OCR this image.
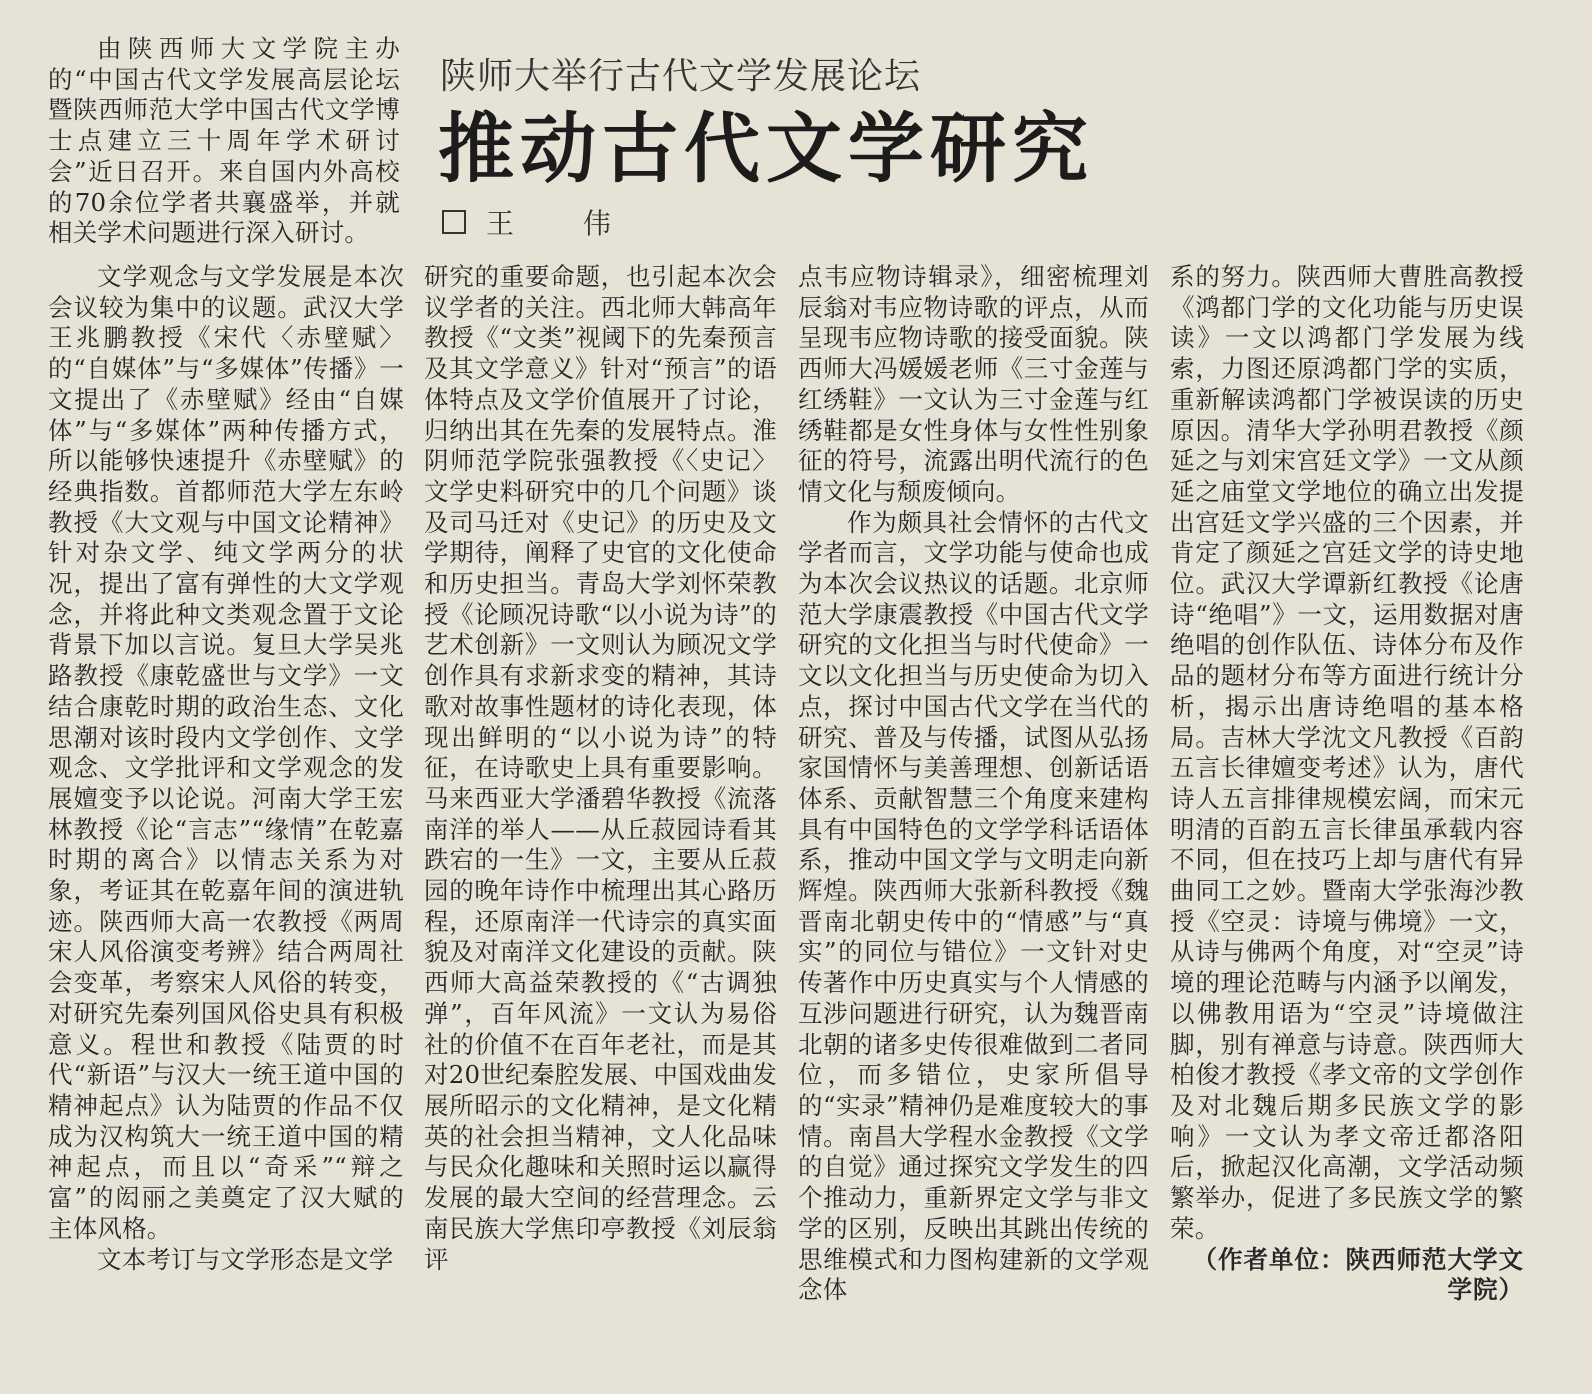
陕师大举行古代文学发展论坛
推动古代文学研究
王 伟

由陕西师大文学院主办的“中国古代文学发展高层论坛暨陕西师范大学中国古代文学博士点建立三十周年学术研讨会”近日召开。来自国内外高校的70余位学者共襄盛举，并就相关学术问题进行深入研讨。

文学观念与文学发展是本次会议较为集中的议题。武汉大学王兆鹏教授《宋代〈赤壁赋〉的“自媒体”与“多媒体”传播》一文提出了《赤壁赋》经由“自媒体”与“多媒体”两种传播方式，所以能够快速提升《赤壁赋》的经典指数。首都师范大学左东岭教授《大文观与中国文论精神》针对杂文学、纯文学两分的状况，提出了富有弹性的大文学观念，并将此种文类观念置于文论背景下加以言说。复旦大学吴兆路教授《康乾盛世与文学》一文结合康乾时期的政治生态、文化思潮对该时段内文学创作、文学观念、文学批评和文学观念的发展嬗变予以论说。河南大学王宏林教授《论“言志”“缘情”在乾嘉时期的离合》以情志关系为对象，考证其在乾嘉年间的演进轨迹。陕西师大高一农教授《两周宋人风俗演变考辨》结合两周社会变革，考察宋人风俗的转变，对研究先秦列国风俗史具有积极意义。程世和教授《陆贾的时代“新语”与汉大一统王道中国的精神起点》认为陆贾的作品不仅成为汉构筑大一统王道中国的精神起点，而且以“奇采”“辩之富”的闳丽之美奠定了汉大赋的主体风格。

文本考订与文学形态是文学

研究的重要命题，也引起本次会议学者的关注。西北师大韩高年教授《“文类”视阈下的先秦预言及其文学意义》针对“预言”的语体特点及文学价值展开了讨论，归纳出其在先秦的发展特点。淮阴师范学院张强教授《〈史记〉文学史料研究中的几个问题》谈及司马迁对《史记》的历史及文学期待，阐释了史官的文化使命和历史担当。青岛大学刘怀荣教授《论顾况诗歌“以小说为诗”的艺术创新》一文则认为顾况文学创作具有求新求变的精神，其诗歌对故事性题材的诗化表现，体现出鲜明的“以小说为诗”的特征，在诗歌史上具有重要影响。马来西亚大学潘碧华教授《流落南洋的举人——从丘菽园诗看其跌宕的一生》一文，主要从丘菽园的晚年诗作中梳理出其心路历程，还原南洋一代诗宗的真实面貌及对南洋文化建设的贡献。陕西师大高益荣教授的《“古调独弹”，百年风流》一文认为易俗社的价值不在百年老社，而是其对20世纪秦腔发展、中国戏曲发展所昭示的文化精神，是文化精英的社会担当精神，文人化品味与民众化趣味和关照时运以赢得发展的最大空间的经营理念。云南民族大学焦印亭教授《刘辰翁评

点韦应物诗辑录》，细密梳理刘辰翁对韦应物诗歌的评点，从而呈现韦应物诗歌的接受面貌。陕西师大冯媛媛老师《三寸金莲与红绣鞋》一文认为三寸金莲与红绣鞋都是女性身体与女性性别象征的符号，流露出明代流行的色情文化与颓废倾向。

作为颇具社会情怀的古代文学者而言，文学功能与使命也成为本次会议热议的话题。北京师范大学康震教授《中国古代文学研究的文化担当与时代使命》一文以文化担当与历史使命为切入点，探讨中国古代文学在当代的研究、普及与传播，试图从弘扬家国情怀与美善理想、创新话语体系、贡献智慧三个角度来建构具有中国特色的文学学科话语体系，推动中国文学与文明走向新辉煌。陕西师大张新科教授《魏晋南北朝史传中的“情感”与“真实”的同位与错位》一文针对史传著作中历史真实与个人情感的互涉问题进行研究，认为魏晋南北朝的诸多史传很难做到二者同位，而多错位，史家所倡导的“实录”精神仍是难度较大的事情。南昌大学程水金教授《文学的自觉》通过探究文学发生的四个推动力，重新界定文学与非文学的区别，反映出其跳出传统的思维模式和力图构建新的文学观念体

系的努力。陕西师大曹胜高教授《鸿都门学的文化功能与历史误读》一文以鸿都门学发展为线索，力图还原鸿都门学的实质，重新解读鸿都门学被误读的历史原因。清华大学孙明君教授《颜延之与刘宋宫廷文学》一文从颜延之庙堂文学地位的确立出发提出宫廷文学兴盛的三个因素，并肯定了颜延之宫廷文学的诗史地位。武汉大学谭新红教授《论唐诗“绝唱”》一文，运用数据对唐绝唱的创作队伍、诗体分布及作品的题材分布等方面进行统计分析，揭示出唐诗绝唱的基本格局。吉林大学沈文凡教授《百韵五言长律嬗变考述》认为，唐代诗人五言排律规模宏阔，而宋元明清的百韵五言长律虽承载内容不同，但在技巧上却与唐代有异曲同工之妙。暨南大学张海沙教授《空灵：诗境与佛境》一文，从诗与佛两个角度，对“空灵”诗境的理论范畴与内涵予以阐发，以佛教用语为“空灵”诗境做注脚，别有禅意与诗意。陕西师大柏俊才教授《孝文帝的文学创作及对北魏后期多民族文学的影响》一文认为孝文帝迁都洛阳后，掀起汉化高潮，文学活动频繁举办，促进了多民族文学的繁荣。

（作者单位：陕西师范大学文学院）
